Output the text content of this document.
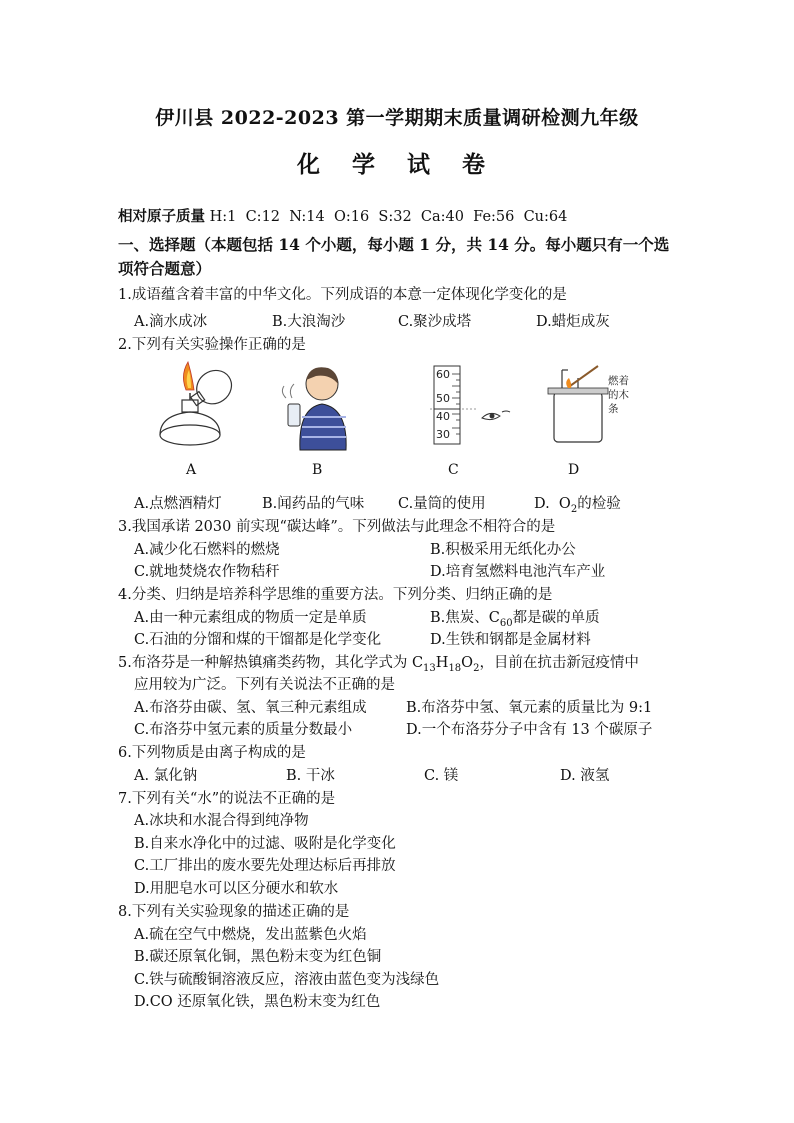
伊川县 2022-2023 第一学期期末质量调研检测九年级
化 学 试 卷
相对原子质量 H:1  C:12  N:14  O:16  S:32  Ca:40  Fe:56  Cu:64
一、选择题（本题包括 14 个小题，每小题 1 分，共 14 分。每小题只有一个选
项符合题意）
1.成语蕴含着丰富的中华文化。下列成语的本意一定体现化学变化的是
A.滴水成冰	B.大浪淘沙	C.聚沙成塔	D.蜡炬成灰
2.下列有关实验操作正确的是
60
50
40
30
燃着
的木
条
A	B	C	D
A.点燃酒精灯	B.闻药品的气味 C.量筒的使用	D.  $O_2$的检验
3.我国承诺 2030 前实现“碳达峰”。下列做法与此理念不相符合的是
A.减少化石燃料的燃烧	B.积极采用无纸化办公
C.就地焚烧农作物秸秆	D.培育氢燃料电池汽车产业
4.分类、归纳是培养科学思维的重要方法。下列分类、归纳正确的是
A.由一种元素组成的物质一定是单质	B.焦炭、$C_{60}$都是碳的单质
C.石油的分馏和煤的干馏都是化学变化	D.生铁和钢都是金属材料
5.布洛芬是一种解热镇痛类药物，其化学式为 $C_{13}H_{18}O_2$，目前在抗击新冠疫情中
应用较为广泛。下列有关说法不正确的是
A.布洛芬由碳、氢、氧三种元素组成	B.布洛芬中氢、氧元素的质量比为 9:1
C.布洛芬中氢元素的质量分数最小	D.一个布洛芬分子中含有 13 个碳原子
6.下列物质是由离子构成的是
A. 氯化钠	B. 干冰	C. 镁	D. 液氢
7.下列有关“水”的说法不正确的是
A.冰块和水混合得到纯净物
B.自来水净化中的过滤、吸附是化学变化
C.工厂排出的废水要先处理达标后再排放
D.用肥皂水可以区分硬水和软水
8.下列有关实验现象的描述正确的是
A.硫在空气中燃烧，发出蓝紫色火焰
B.碳还原氧化铜，黑色粉末变为红色铜
C.铁与硫酸铜溶液反应，溶液由蓝色变为浅绿色
D.CO 还原氧化铁，黑色粉末变为红色
